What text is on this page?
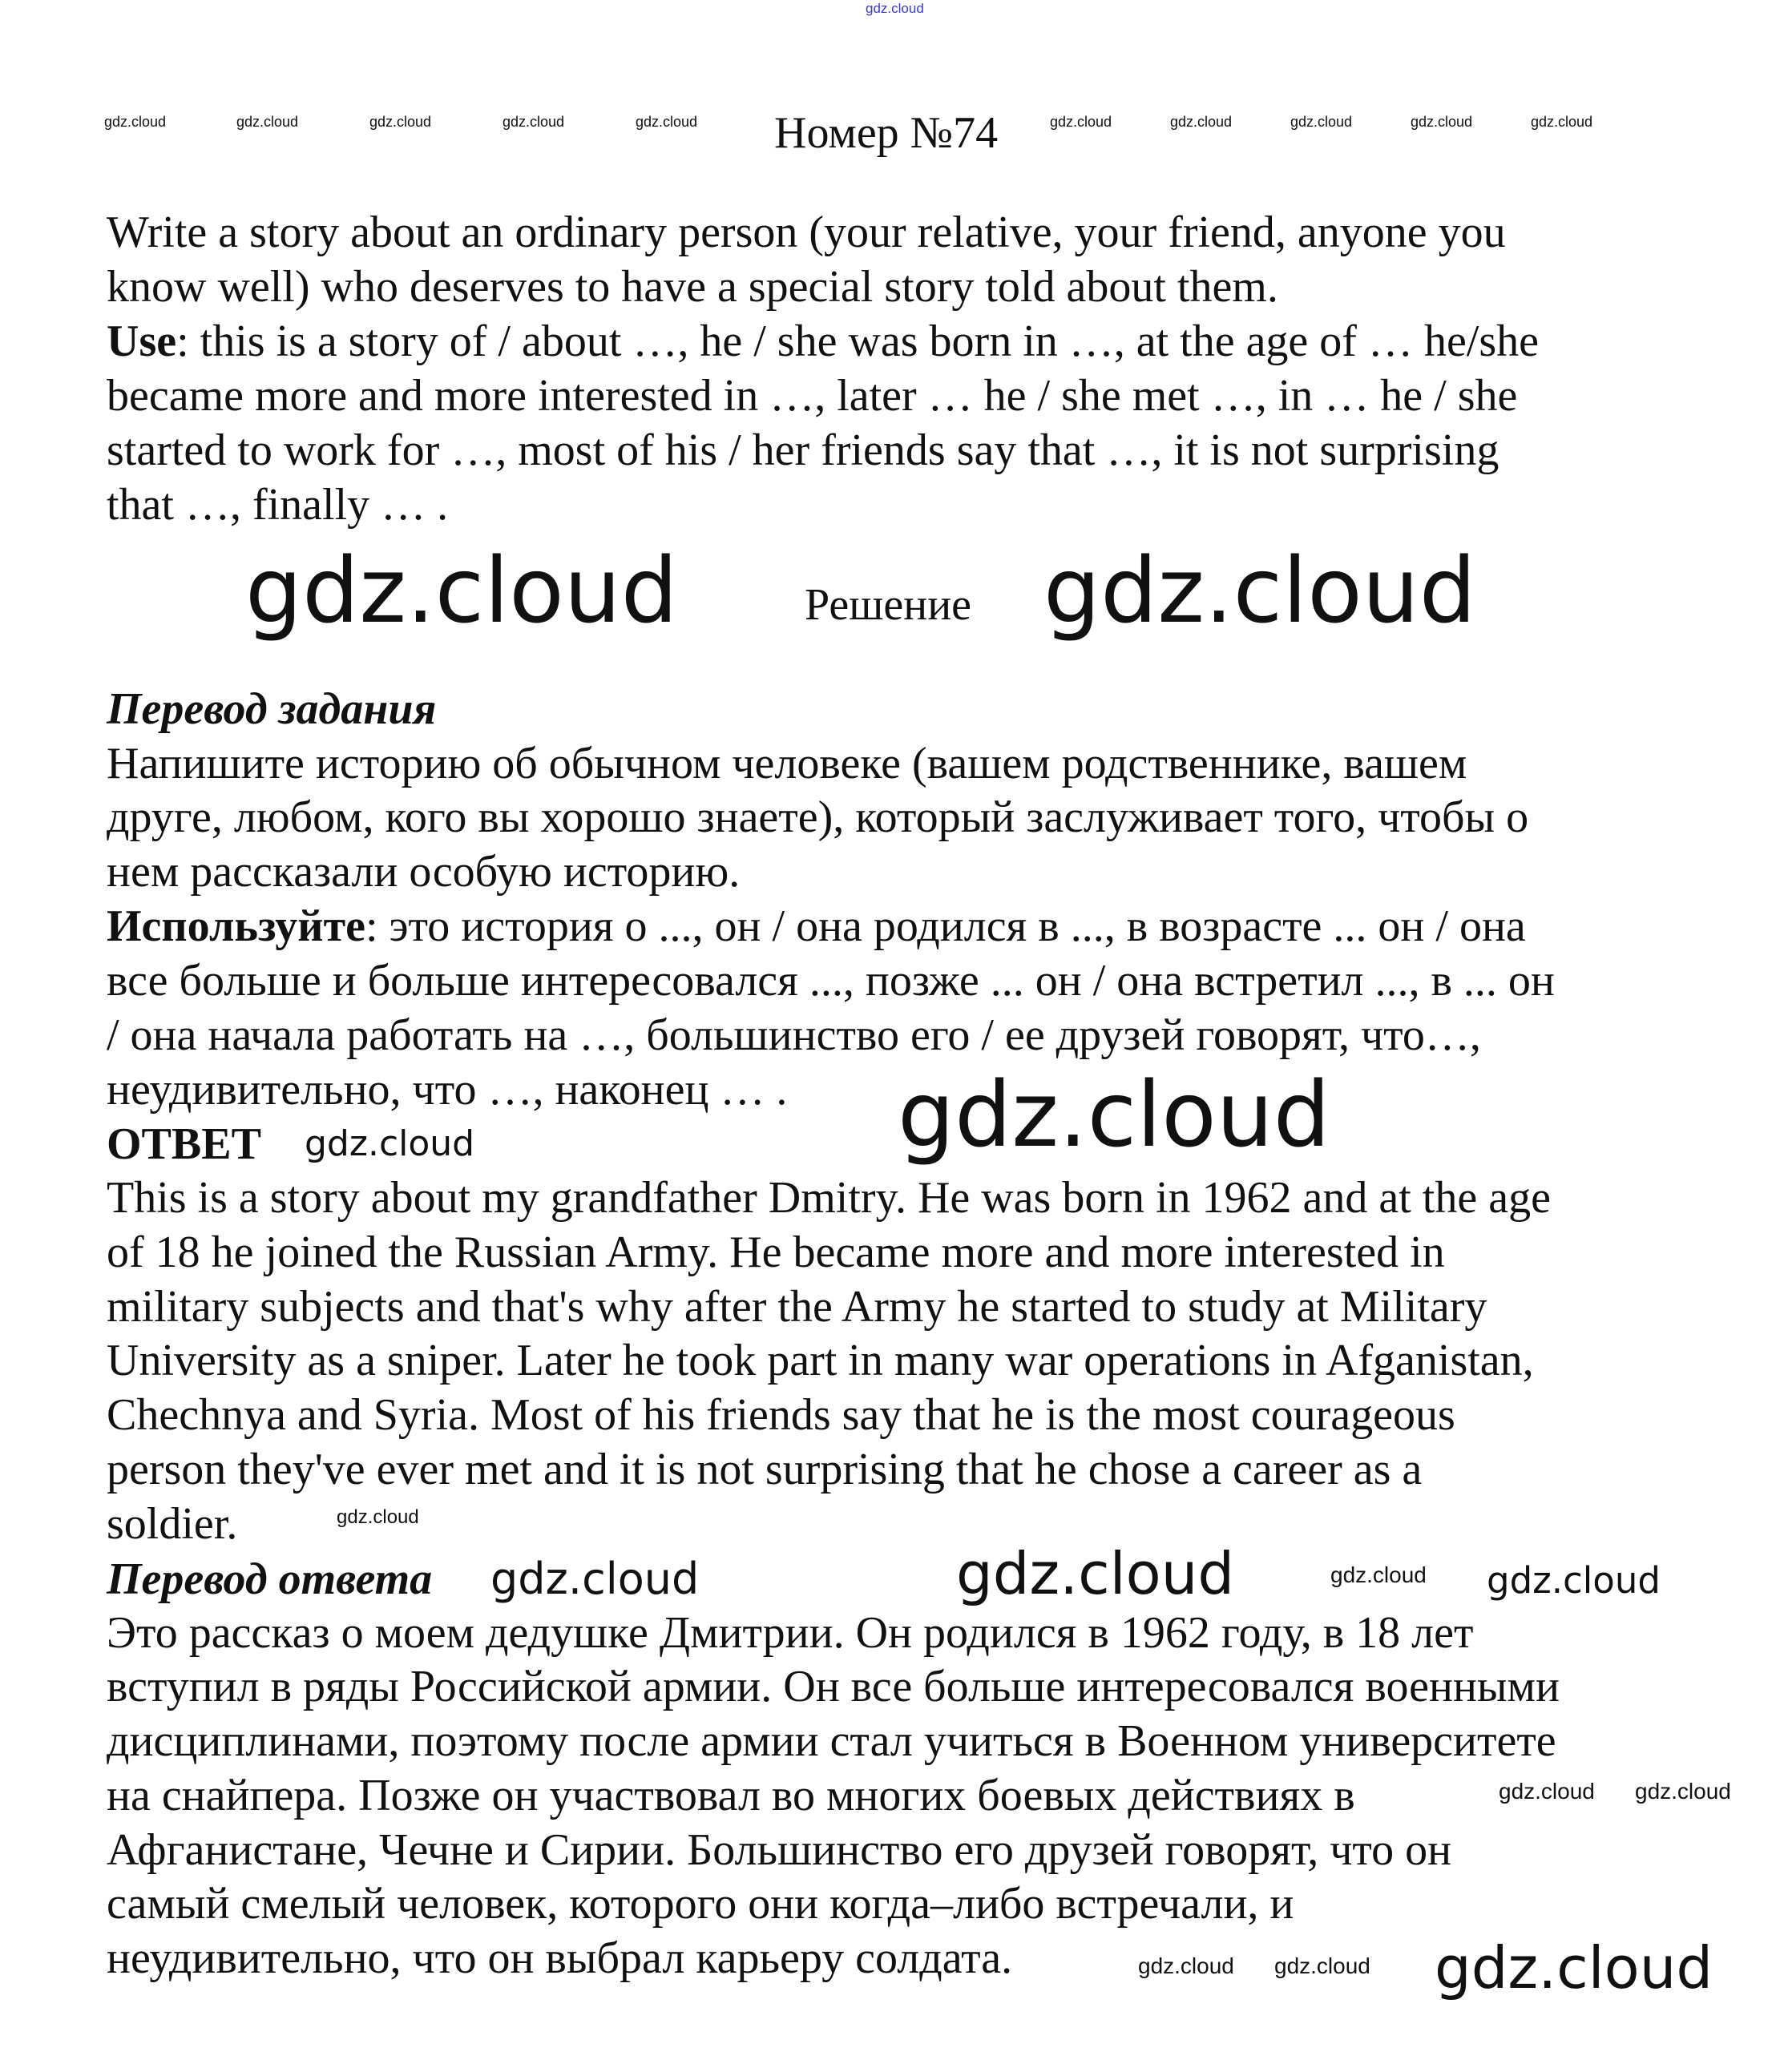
gdz.cloud
gdz.cloud	gdz.cloud	gdz.cloud	gdz.cloud	gdz.cloud	gdz.cloud	gdz.cloud	gdz.cloud	gdz.cloud	gdz.cloud
Номер №74
Write a story about an ordinary person (your relative, your friend, anyone you
know well) who deserves to have a special story told about them.
Use: this is a story of / about …, he / she was born in …, at the age of … he/she
became more and more interested in …, later … he / she met …, in … he / she
started to work for …, most of his / her friends say that …, it is not surprising
that …, finally … .
gdz.cloud	Решение gdz.cloud
Перевод задания
Напишите историю об обычном человеке (вашем родственнике, вашем
друге, любом, кого вы хорошо знаете), который заслуживает того, чтобы о
нем рассказали особую историю.
Используйте: это история о ..., он / она родился в ..., в возрасте ... он / она
все больше и больше интересовался ..., позже ... он / она встретил ..., в ... он
/ она начала работать на …, большинство его / ее друзей говорят, что…,
неудивительно, что …, наконец … . gdz.cloud
ОТВЕТ gdz.cloud
This is a story about my grandfather Dmitry. He was born in 1962 and at the age
of 18 he joined the Russian Army. He became more and more interested in
military subjects and that's why after the Army he started to study at Military
University as a sniper. Later he took part in many war operations in Afganistan,
Chechnya and Syria. Most of his friends say that he is the most courageous
person they've ever met and it is not surprising that he chose a career as a
soldier.	gdz.cloud
Перевод ответа gdz.cloud	gdz.cloud	gdz.cloud gdz.cloud
Это рассказ о моем дедушке Дмитрии. Он родился в 1962 году, в 18 лет
вступил в ряды Российской армии. Он все больше интересовался военными
дисциплинами, поэтому после армии стал учиться в Военном университете
на снайпера. Позже он участвовал во многих боевых действиях в	gdz.cloud gdz.cloud
Афганистане, Чечне и Сирии. Большинство его друзей говорят, что он
самый смелый человек, которого они когда–либо встречали, и
неудивительно, что он выбрал карьеру солдата.	gdz.cloud gdz.cloud gdz.cloud
